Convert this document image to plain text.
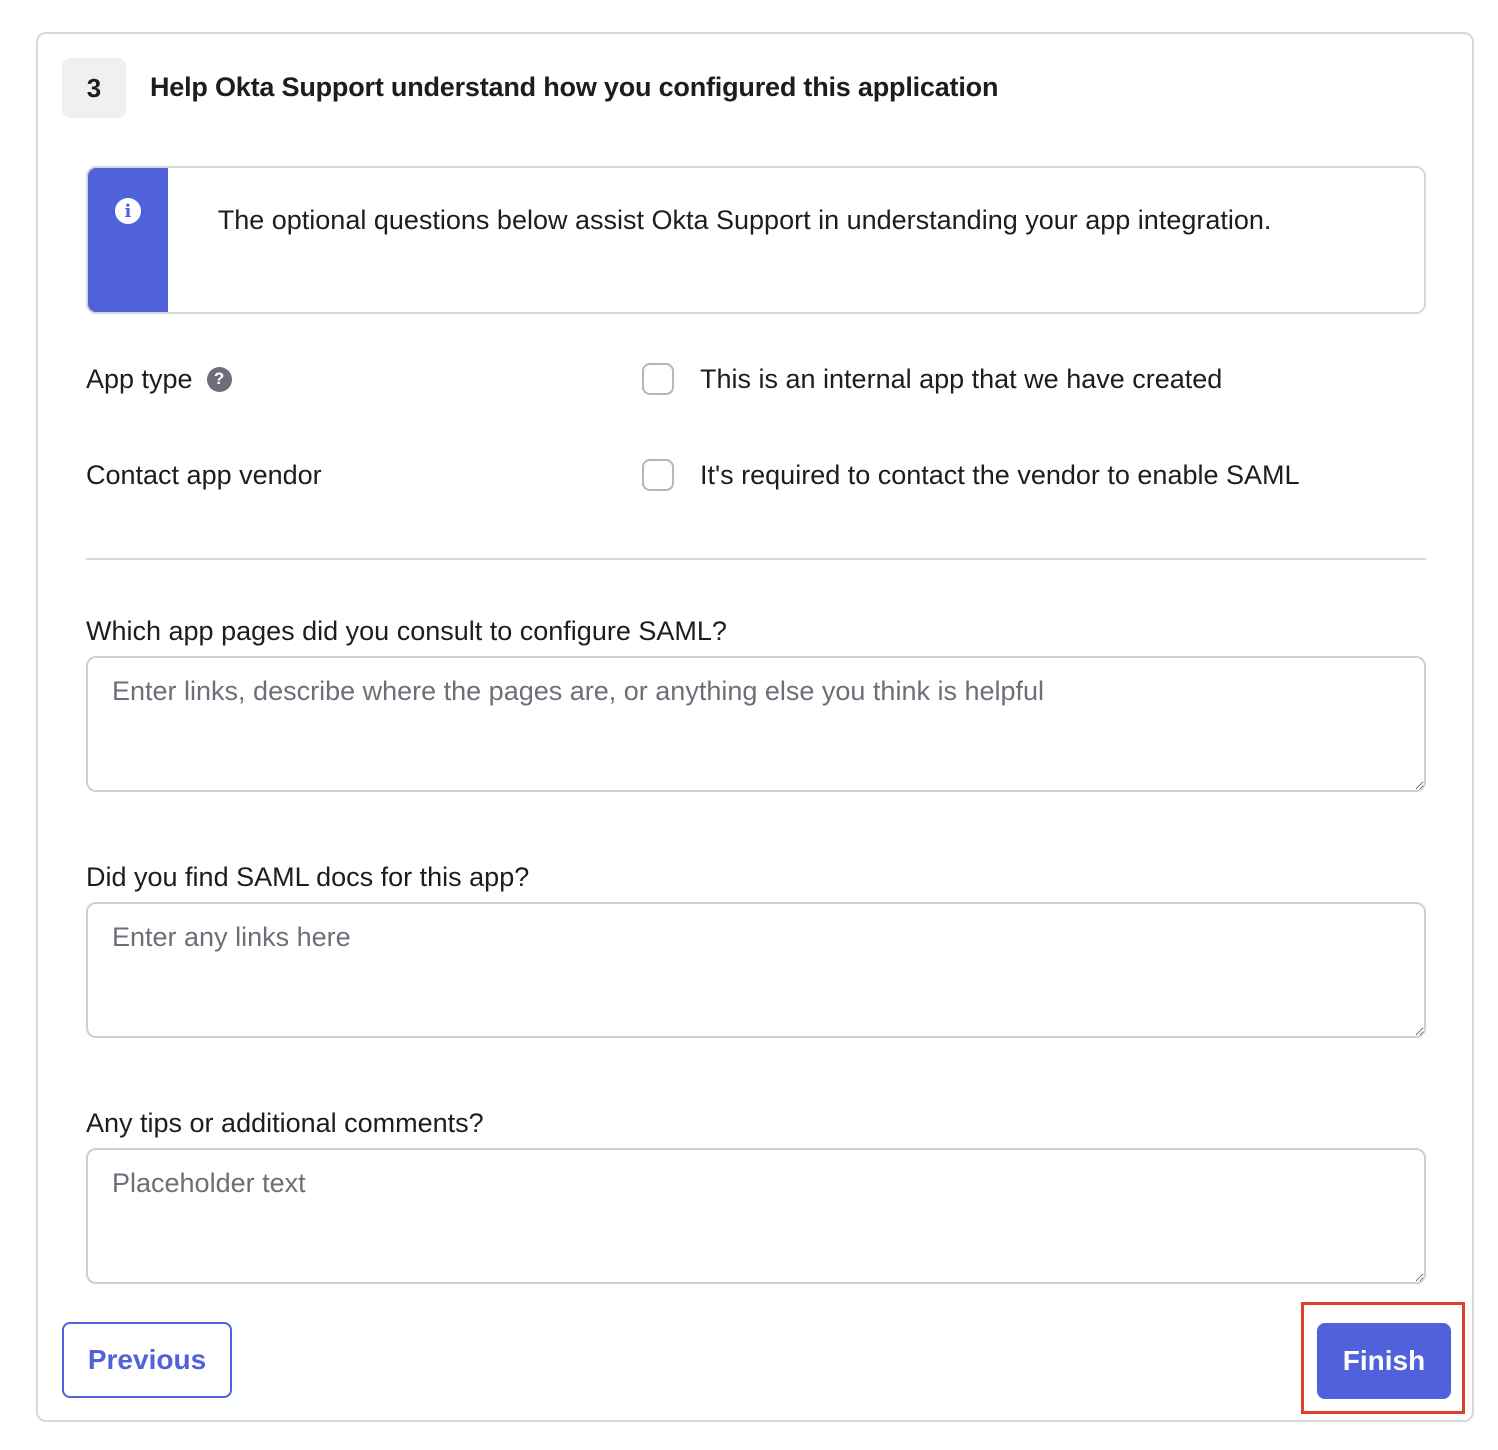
3	Help Okta Support understand how you configured this application
i	The optional questions below assist Okta Support in understanding your app integration.
App type	?	This is an internal app that we have created
Contact app vendor	It's required to contact the vendor to enable SAML
Which app pages did you consult to configure SAML?
Enter links, describe where the pages are, or anything else you think is helpful
Did you find SAML docs for this app?
Enter any links here
Any tips or additional comments?
Placeholder text
Previous	Finish
